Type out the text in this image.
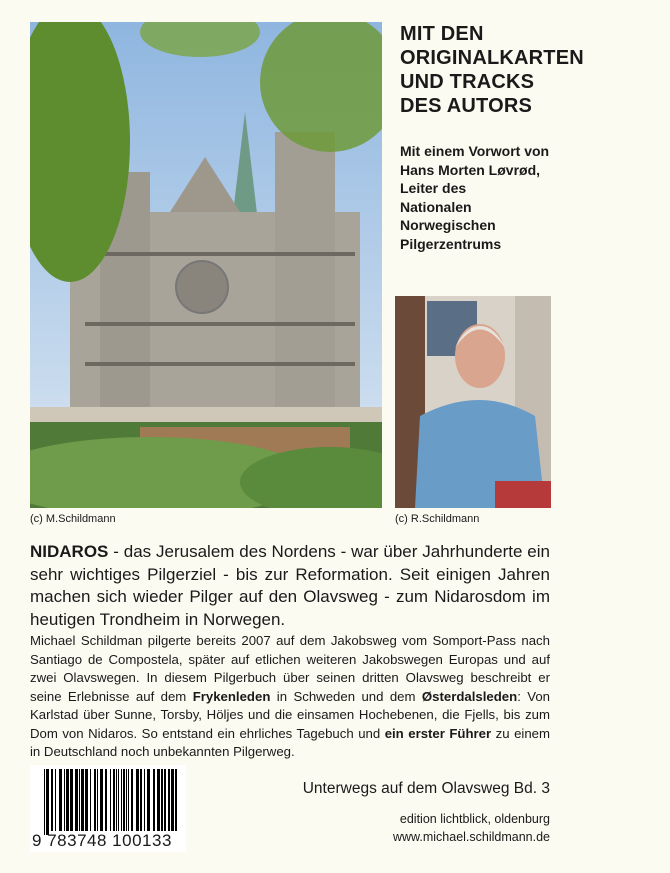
(c) M.Schildmann	(c) R.Schildmann
MIT DEN
ORIGINALKARTEN
UND TRACKS
DES AUTORS
Mit einem Vorwort von
Hans Morten Løvrød,
Leiter des
Nationalen
Norwegischen
Pilgerzentrums
NIDAROS - das Jerusalem des Nordens - war über Jahrhunderte ein sehr wichtiges Pilgerziel - bis zur Reformation. Seit einigen Jahren machen sich wieder Pilger auf den Olavsweg - zum Nidarosdom im heutigen Trondheim in Norwegen.
Michael Schildman pilgerte bereits 2007 auf dem Jakobsweg vom Somport-Pass nach Santiago de Compostela, später auf etlichen weiteren Jakobswegen Europas und auf zwei Olavswegen. In diesem Pilgerbuch über seinen dritten Olavsweg beschreibt er seine Erlebnisse auf dem Frykenleden in Schweden und dem Østerdalsleden: Von Karlstad über Sunne, Torsby, Höljes und die einsamen Hochebenen, die Fjells, bis zum Dom von Nidaros. So entstand ein ehrliches Tagebuch und ein erster Führer zu einem in Deutschland noch unbekannten Pilgerweg.
9 783748 100133
Unterwegs auf dem Olavsweg Bd. 3
edition lichtblick, oldenburg
www.michael.schildmann.de
